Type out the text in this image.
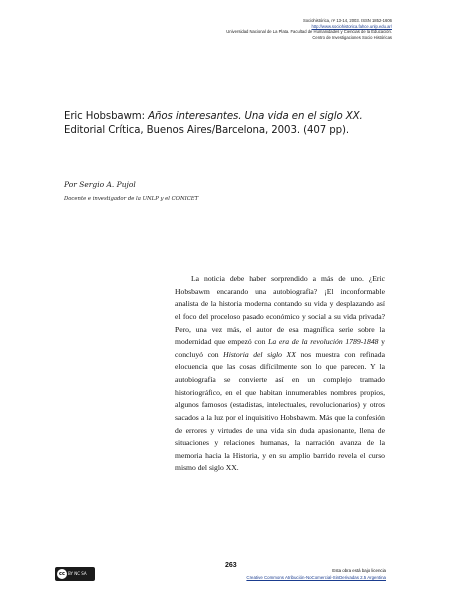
Sociohistórica, nº 13-14, 2003. ISSN 1852-1606
http://www.sociohistorica.fahce.unlp.edu.ar/
Universidad Nacional de La Plata. Facultad de Humanidades y Ciencias de la Educación.
Centro de Investigaciones Socio Históricas
Eric Hobsbawm: Años interesantes. Una vida en el siglo XX.
Editorial Crítica, Buenos Aires/Barcelona, 2003. (407 pp).
Por Sergio A. Pujol
Docente e investigador de la UNLP y el CONICET

La noticia debe haber sorprendido a más de uno. ¿Eric Hobsbawm encarando una autobiografía? ¡El inconformable analista de la historia moderna contando su vida y desplazando así el foco del proceloso pasado económico y social a su vida privada? Pero, una vez más, el autor de esa magnífica serie sobre la modernidad que empezó con La era de la revolución 1789-1848 y concluyó con Historia del siglo XX nos muestra con refinada elocuencia que las cosas difícilmente son lo que parecen. Y la autobiografía se convierte así en un complejo tramado historiográfico, en el que habitan innumerables nombres propios, algunos famosos (estadistas, intelectuales, revolucionarios) y otros sacados a la luz por el inquisitivo Hobsbawm. Más que la confesión de errores y virtudes de una vida sin duda apasionante, llena de situaciones y relaciones humanas, la narración avanza de la memoria hacia la Historia, y en su amplio barrido revela el curso mismo del siglo XX.

cc BY NC SA
263
Esta obra está bajo licencia
Creative Commons Atribución-NoComercial-SinDerivadas 2.5 Argentina
